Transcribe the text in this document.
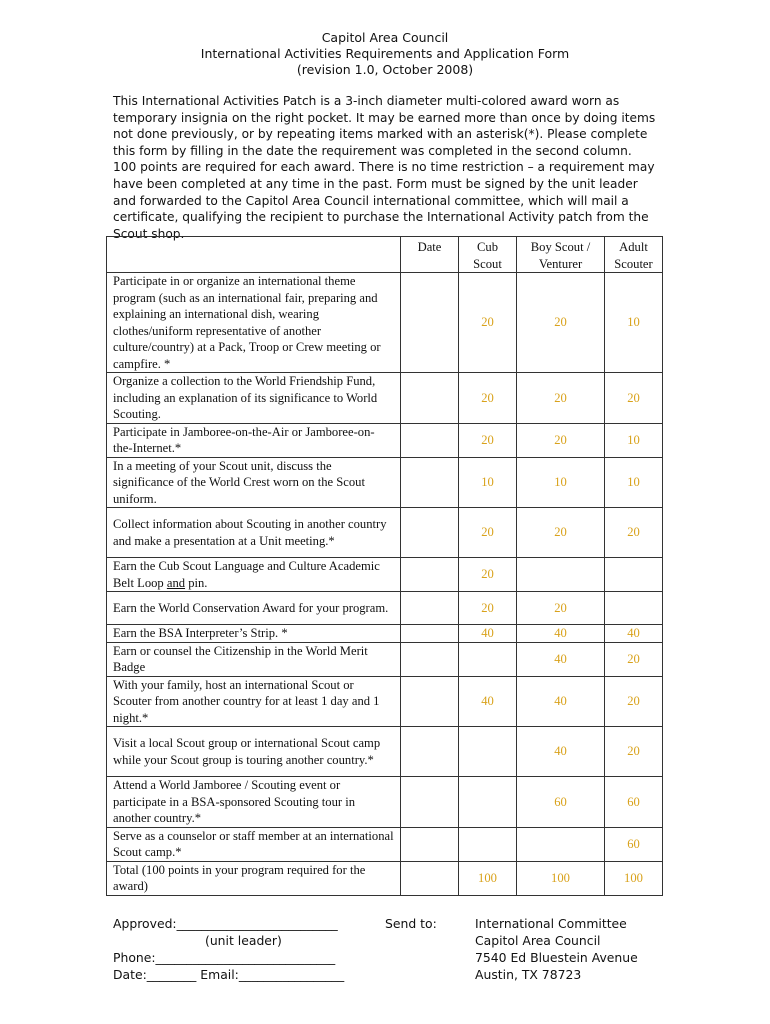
Capitol Area Council
International Activities Requirements and Application Form
(revision 1.0, October 2008)
This International Activities Patch is a 3-inch diameter multi-colored award worn as temporary insignia on the right pocket. It may be earned more than once by doing items not done previously, or by repeating items marked with an asterisk(*). Please complete this form by filling in the date the requirement was completed in the second column. 100 points are required for each award. There is no time restriction – a requirement may have been completed at any time in the past. Form must be signed by the unit leader and forwarded to the Capitol Area Council international committee, which will mail a certificate, qualifying the recipient to purchase the International Activity patch from the Scout shop.
	Date	Cub Scout	Boy Scout / Venturer	Adult Scouter
Participate in or organize an international theme program (such as an international fair, preparing and explaining an international dish, wearing clothes/uniform representative of another culture/country) at a Pack, Troop or Crew meeting or campfire. *		20	20	10
Organize a collection to the World Friendship Fund, including an explanation of its significance to World Scouting.		20	20	20
Participate in Jamboree-on-the-Air or Jamboree-on-the-Internet.*		20	20	10
In a meeting of your Scout unit, discuss the significance of the World Crest worn on the Scout uniform.		10	10	10
Collect information about Scouting in another country and make a presentation at a Unit meeting.*		20	20	20
Earn the Cub Scout Language and Culture Academic Belt Loop and pin.		20		
Earn the World Conservation Award for your program.		20	20	
Earn the BSA Interpreter’s Strip. *		40	40	40
Earn or counsel the Citizenship in the World Merit Badge			40	20
With your family, host an international Scout or Scouter from another country for at least 1 day and 1 night.*		40	40	20
Visit a local Scout group or international Scout camp while your Scout group is touring another country.*			40	20
Attend a World Jamboree / Scouting event or participate in a BSA-sponsored Scouting tour in another country.*			60	60
Serve as a counselor or staff member at an international Scout camp.*				60
Total (100 points in your program required for the award)		100	100	100
Approved:__________________________
(unit leader)
Phone:_____________________________
Date:________ Email:_________________
Send to:	International Committee
Capitol Area Council
7540 Ed Bluestein Avenue
Austin, TX 78723
